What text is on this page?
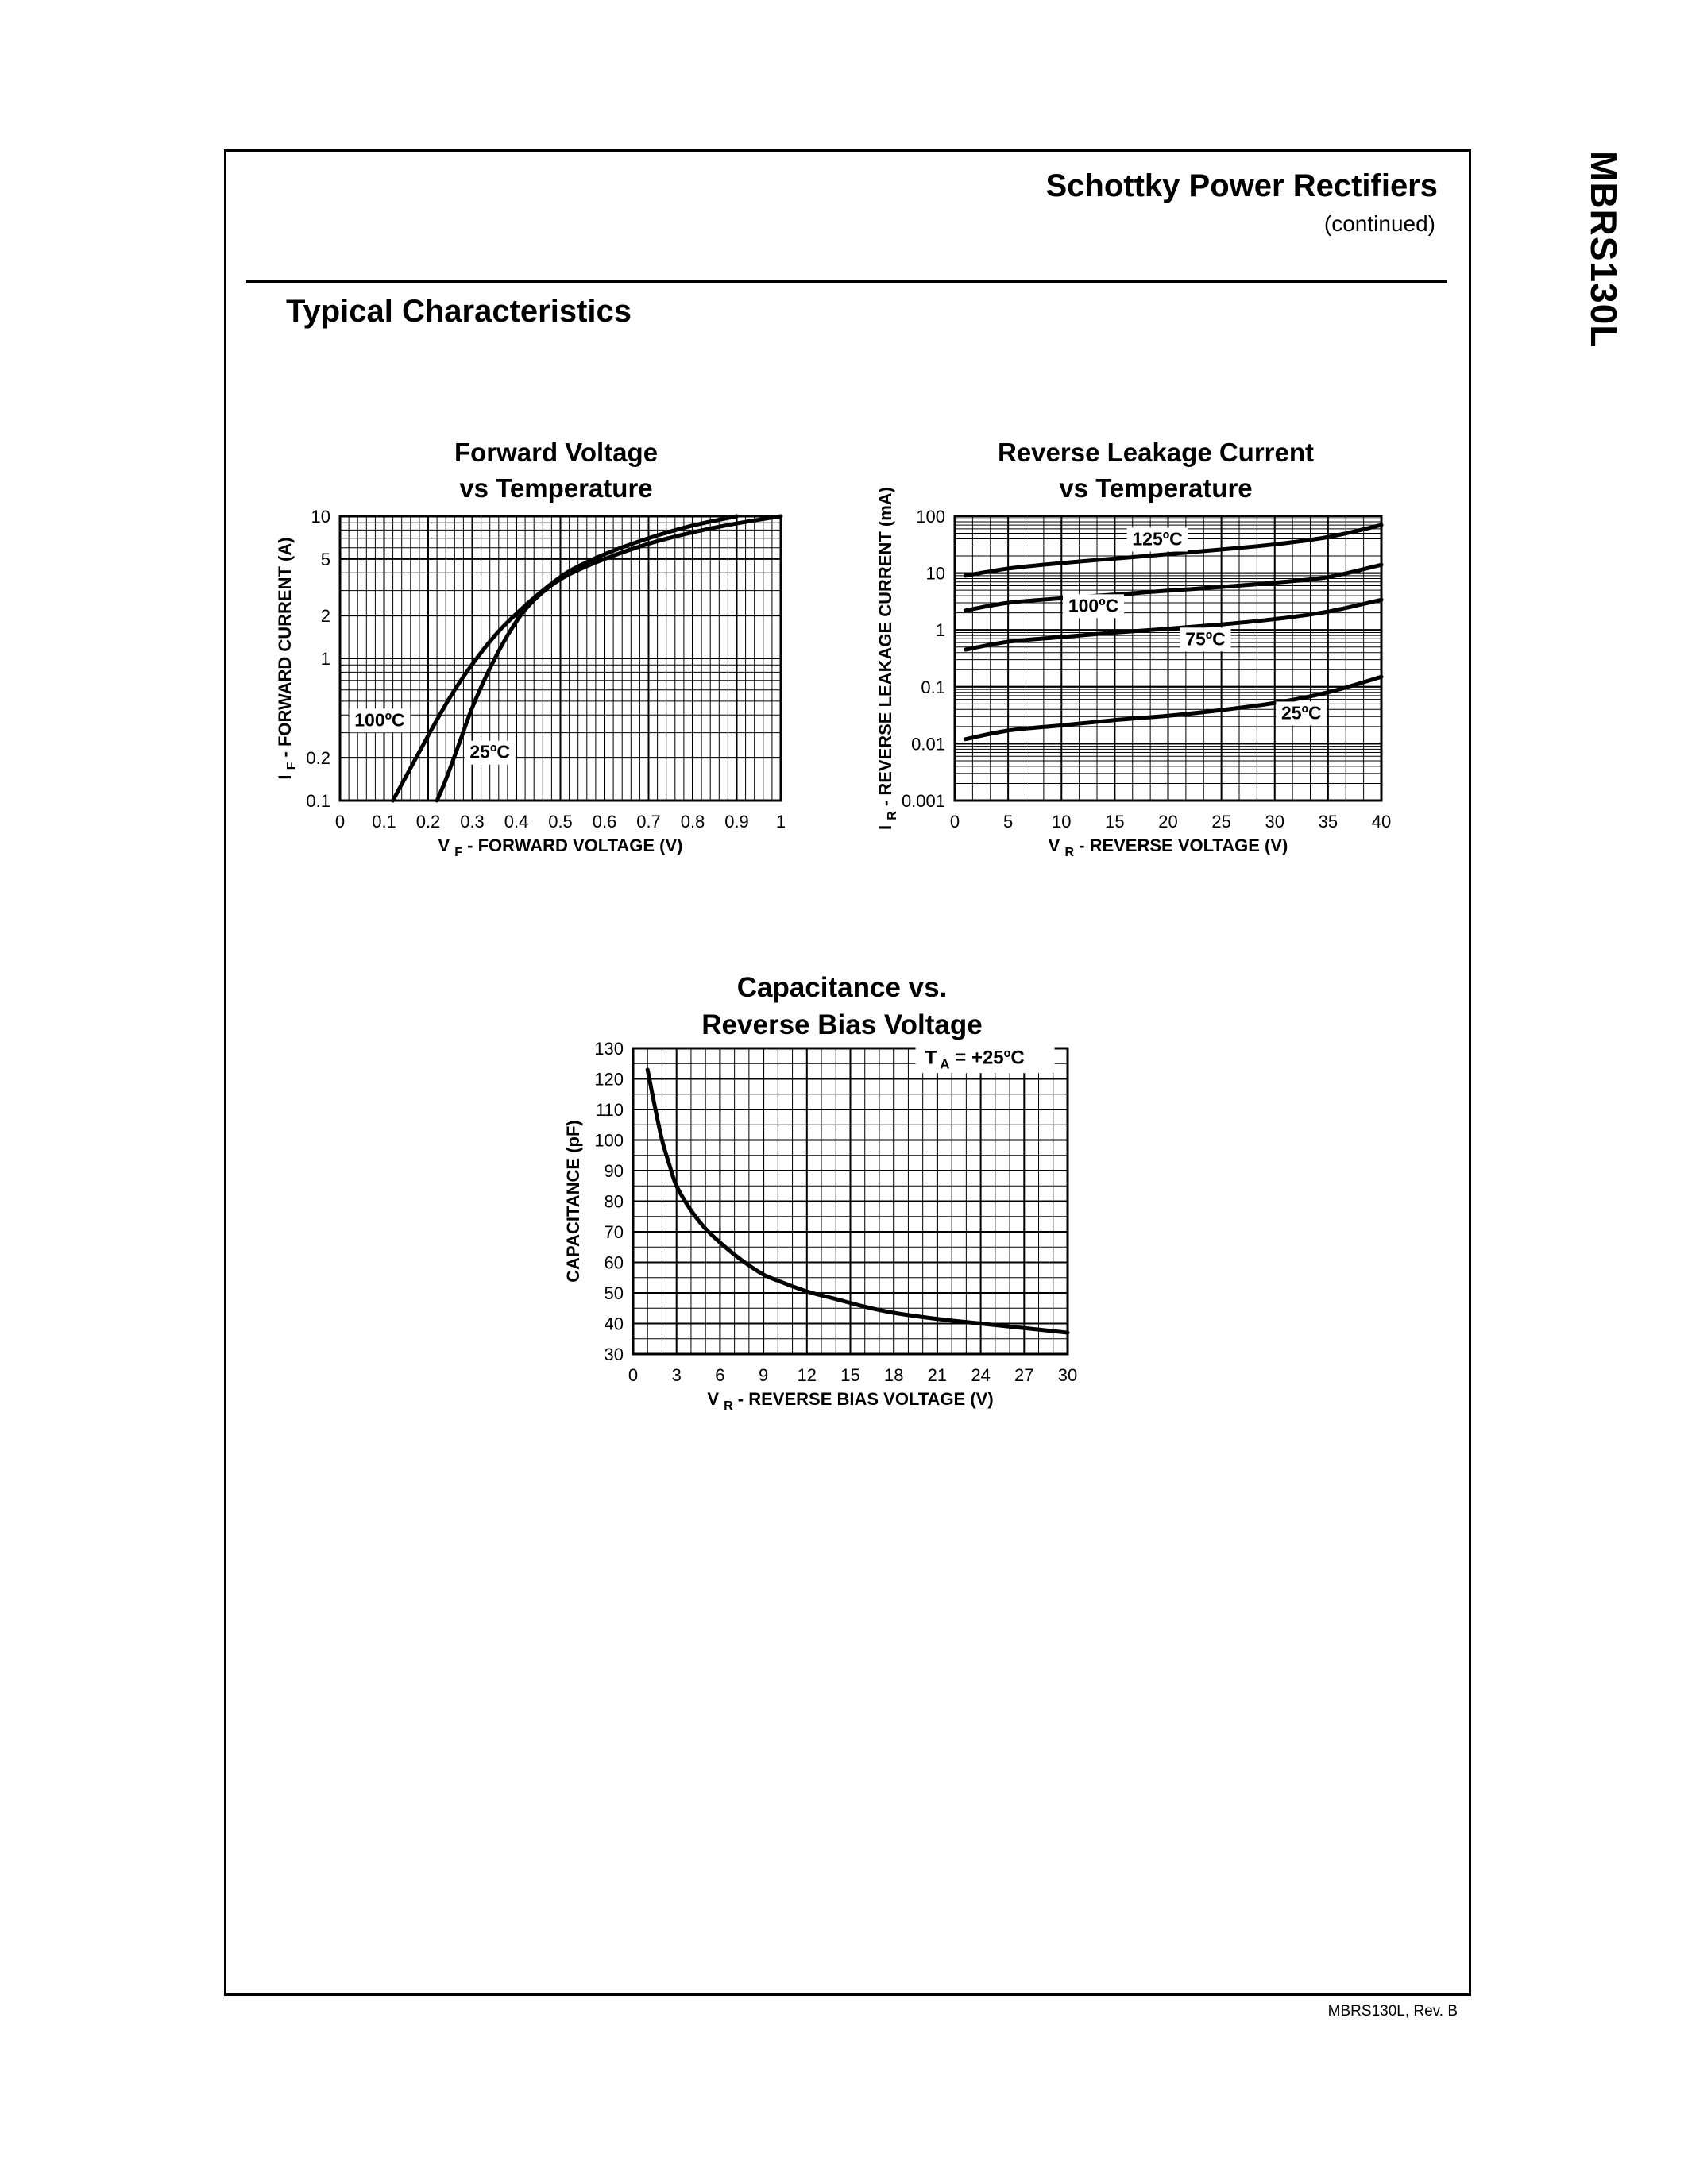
Schottky Power Rectifiers
(continued)
Typical Characteristics	MBRS130L
MBRS130L, Rev. B
Forward Voltage
vs Temperature
Reverse Leakage Current
vs Temperature
Capacitance vs.
Reverse Bias Voltage
0 0.1 0.2 0.3 0.4 0.5 0.6 0.7 0.8 0.9 1
0.1
0.2
1
2
5
10
0 5 10 15 20 25 30 35 40
0.001
0.01
0.1
1
10
100
0 3 6 9 12 15 18 21 24 27 30
30
40
50
60
70
80
90
100
110
120
130
100ºC
25ºC
V $_F$ - FORWARD VOLTAGE (V)
I $_F$ - FORWARD CURRENT (A)	125ºC
100ºC
75ºC
25ºC
V $_R$ - REVERSE VOLTAGE (V)
I $_R$ - REVERSE LEAKAGE CURRENT (mA)
T $_A$ = +25ºC
V $_R$ - REVERSE BIAS VOLTAGE (V)
CAPACITANCE (pF)
